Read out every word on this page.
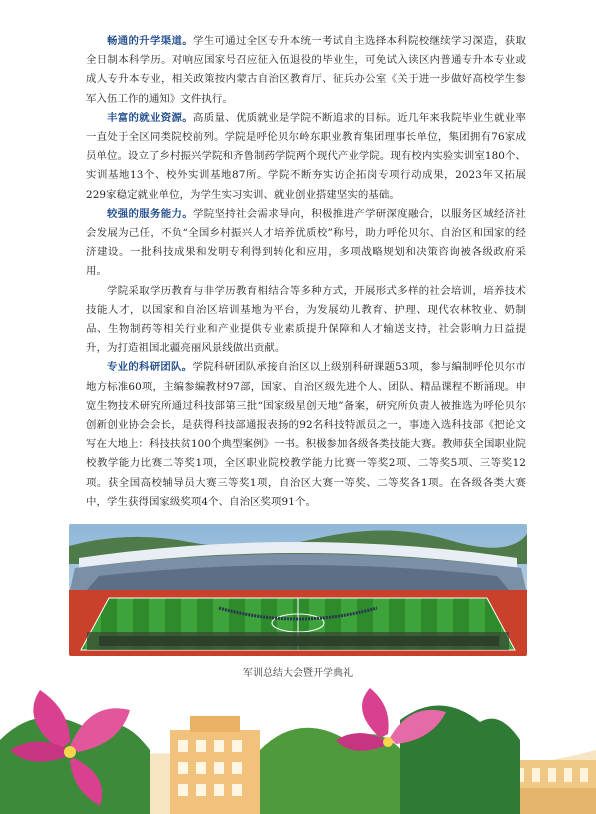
畅通的升学渠道。学生可通过全区专升本统一考试自主选择本科院校继续学习深造，获取全日制本科学历。对响应国家号召应征入伍退役的毕业生，可免试入读区内普通专升本专业或成人专升本专业，相关政策按内蒙古自治区教育厅、征兵办公室《关于进一步做好高校学生参军入伍工作的通知》文件执行。

丰富的就业资源。高质量、优质就业是学院不断追求的目标。近几年来我院毕业生就业率一直处于全区同类院校前列。学院是呼伦贝尔岭东职业教育集团理事长单位，集团拥有76家成员单位。设立了乡村振兴学院和齐鲁制药学院两个现代产业学院。现有校内实验实训室180个、实训基地13个、校外实训基地87所。学院不断夯实访企拓岗专项行动成果，2023年又拓展229家稳定就业单位，为学生实习实训、就业创业搭建坚实的基础。

较强的服务能力。学院坚持社会需求导向，积极推进产学研深度融合，以服务区域经济社会发展为己任，不负“全国乡村振兴人才培养优质校”称号，助力呼伦贝尔、自治区和国家的经济建设。一批科技成果和发明专利得到转化和应用，多项战略规划和决策咨询被各级政府采用。

学院采取学历教育与非学历教育相结合等多种方式，开展形式多样的社会培训，培养技术技能人才，以国家和自治区培训基地为平台，为发展幼儿教育、护理、现代农林牧业、奶制品、生物制药等相关行业和产业提供专业素质提升保障和人才输送支持，社会影响力日益提升，为打造祖国北疆亮丽风景线做出贡献。

专业的科研团队。学院科研团队承接自治区以上级别科研课题53项，参与编制呼伦贝尔市地方标准60项，主编参编教材97部，国家、自治区级先进个人、团队、精品课程不断涌现。申宽生物技术研究所通过科技部第三批“国家级星创天地”备案，研究所负责人被推选为呼伦贝尔创新创业协会会长，是获得科技部通报表扬的92名科技特派员之一，事迹入选科技部《把论文写在大地上：科技扶贫100个典型案例》一书。积极参加各级各类技能大赛。教师获全国职业院校教学能力比赛二等奖1项，全区职业院校教学能力比赛一等奖2项、二等奖5项、三等奖12项。获全国高校辅导员大赛三等奖1项，自治区大赛一等奖、二等奖各1项。在各级各类大赛中，学生获得国家级奖项4个、自治区奖项91个。

军训总结大会暨开学典礼
